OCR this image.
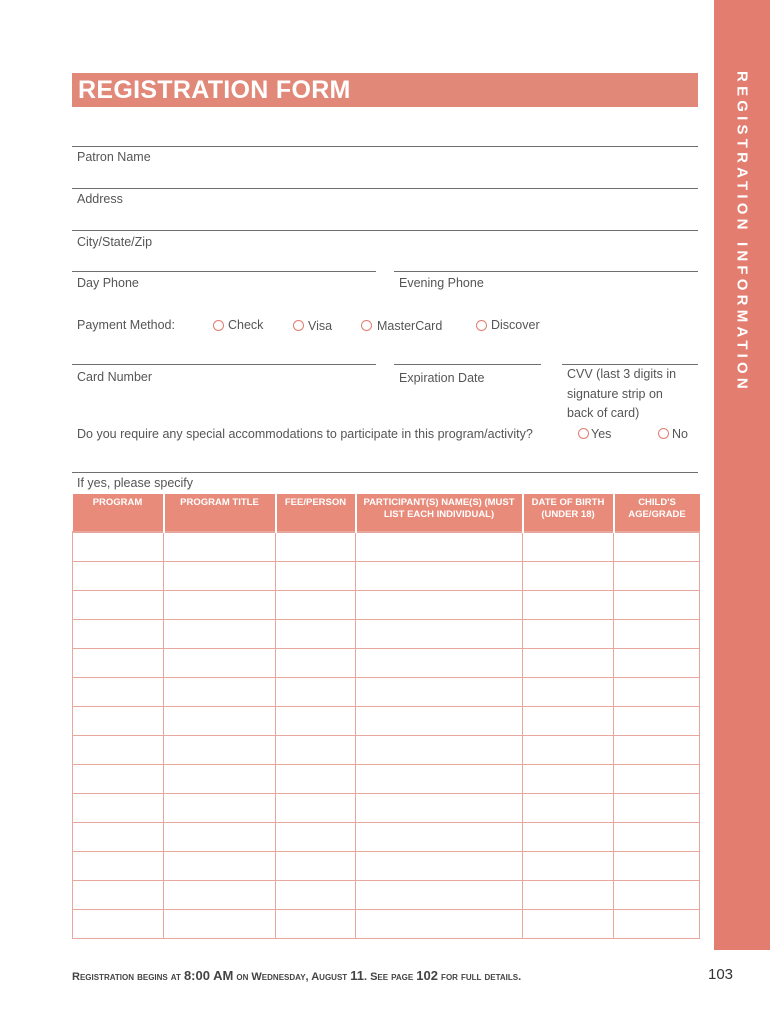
REGISTRATION INFORMATION
REGISTRATION FORM
Patron Name
Address
City/State/Zip
Day Phone	Evening Phone
Payment Method:	Check	Visa	MasterCard	Discover
Card Number	Expiration Date	CVV (last 3 digits in signature strip on back of card)
Do you require any special accommodations to participate in this program/activity?	Yes	No
If yes, please specify
PROGRAM	PROGRAM TITLE	FEE/PERSON	PARTICIPANT(S) NAME(S) (MUST LIST EACH INDIVIDUAL)	DATE OF BIRTH (UNDER 18)	CHILD'S AGE/GRADE

Registration begins at 8:00 AM on Wednesday, August 11. See page 102 for full details.	103
